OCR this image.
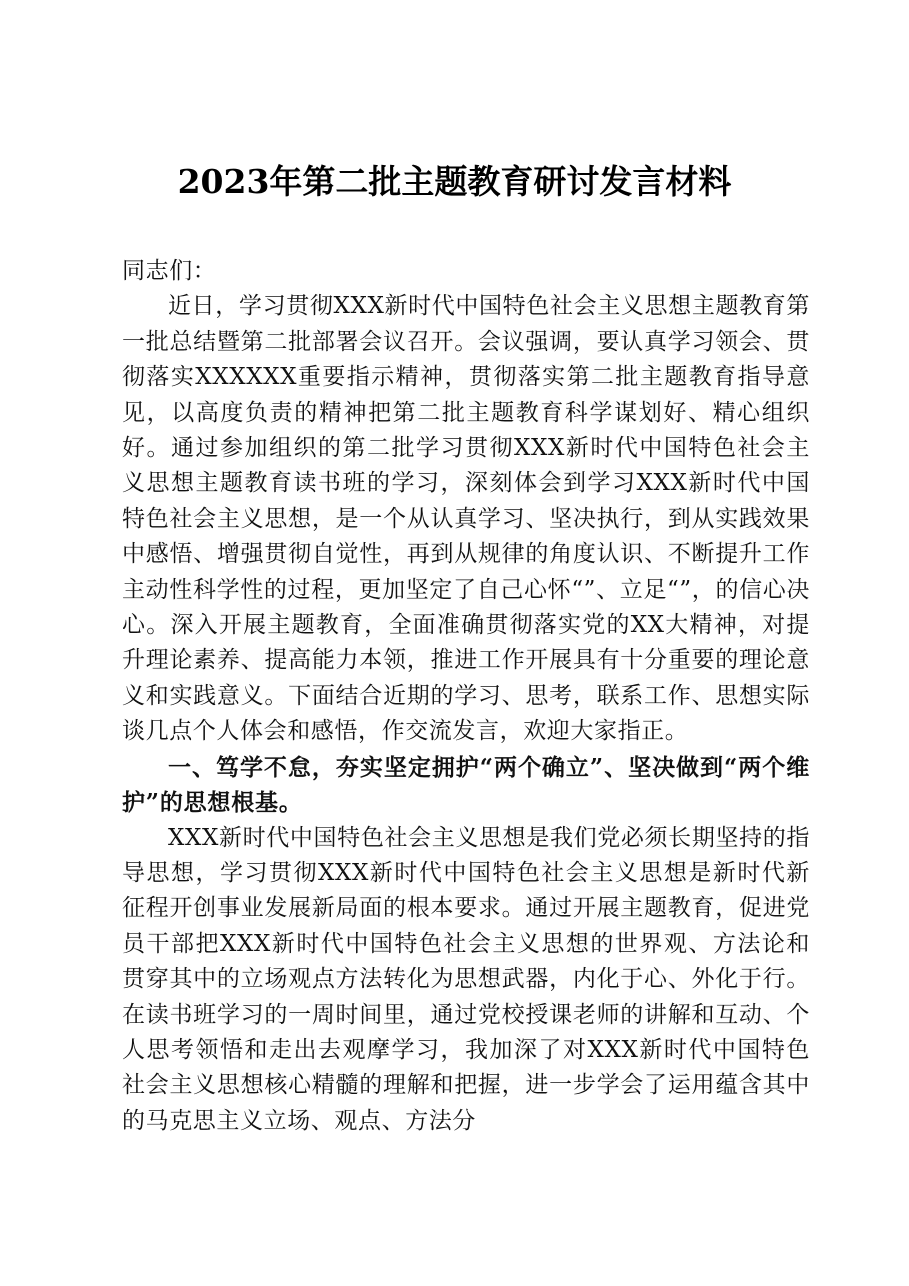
2023年第二批主题教育研讨发言材料

同志们：

近日，学习贯彻XXX新时代中国特色社会主义思想主题教育第一批总结暨第二批部署会议召开。会议强调，要认真学习领会、贯彻落实XXXXXX重要指示精神，贯彻落实第二批主题教育指导意见，以高度负责的精神把第二批主题教育科学谋划好、精心组织好。通过参加组织的第二批学习贯彻XXX新时代中国特色社会主义思想主题教育读书班的学习，深刻体会到学习XXX新时代中国特色社会主义思想，是一个从认真学习、坚决执行，到从实践效果中感悟、增强贯彻自觉性，再到从规律的角度认识、不断提升工作主动性科学性的过程，更加坚定了自己心怀“”、立足“”，的信心决心。深入开展主题教育，全面准确贯彻落实党的XX大精神，对提升理论素养、提高能力本领，推进工作开展具有十分重要的理论意义和实践意义。下面结合近期的学习、思考，联系工作、思想实际谈几点个人体会和感悟，作交流发言，欢迎大家指正。

一、笃学不怠，夯实坚定拥护“两个确立”、坚决做到“两个维护”的思想根基。

XXX新时代中国特色社会主义思想是我们党必须长期坚持的指导思想，学习贯彻XXX新时代中国特色社会主义思想是新时代新征程开创事业发展新局面的根本要求。通过开展主题教育，促进党员干部把XXX新时代中国特色社会主义思想的世界观、方法论和贯穿其中的立场观点方法转化为思想武器，内化于心、外化于行。在读书班学习的一周时间里，通过党校授课老师的讲解和互动、个人思考领悟和走出去观摩学习，我加深了对XXX新时代中国特色社会主义思想核心精髓的理解和把握，进一步学会了运用蕴含其中的马克思主义立场、观点、方法分
